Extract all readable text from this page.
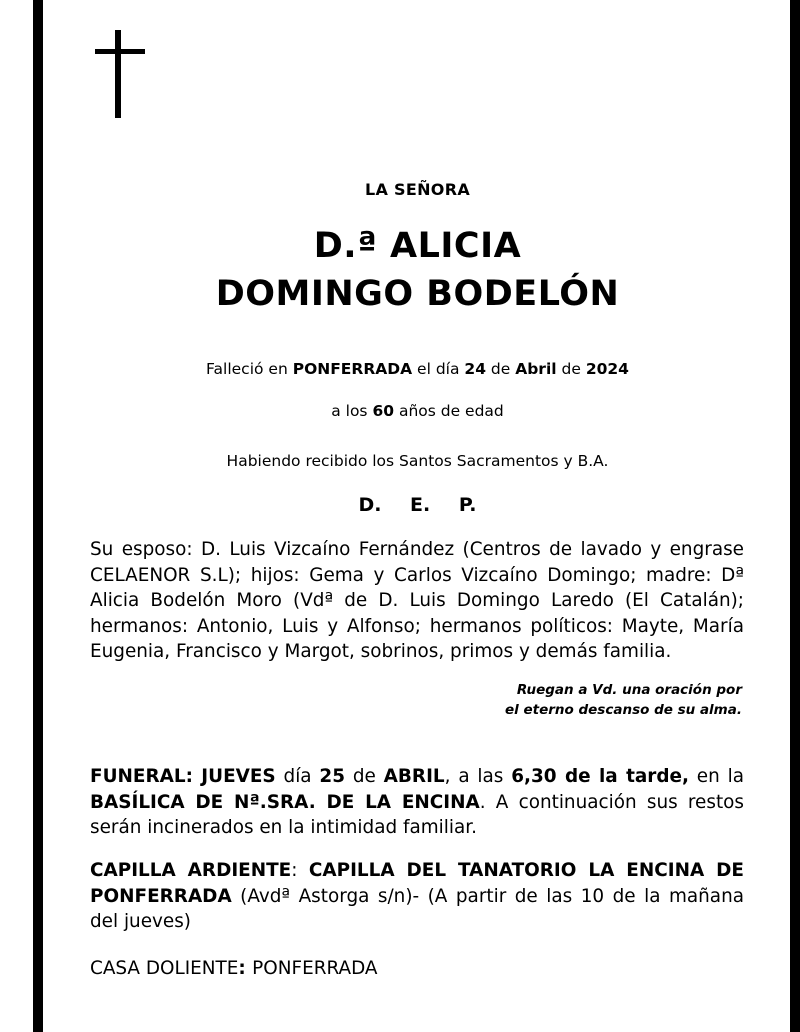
LA SEÑORA
D.ª ALICIA
DOMINGO BODELÓN
Falleció en PONFERRADA el día 24 de Abril de 2024
a los 60 años de edad
Habiendo recibido los Santos Sacramentos y B.A.
D. E. P.
Su esposo: D. Luis Vizcaíno Fernández (Centros de lavado y engrase CELAENOR S.L); hijos: Gema y Carlos Vizcaíno Domingo; madre: Dª Alicia Bodelón Moro (Vdª de D. Luis Domingo Laredo (El Catalán); hermanos: Antonio, Luis y Alfonso; hermanos políticos: Mayte, María Eugenia, Francisco y Margot, sobrinos, primos y demás familia.
Ruegan a Vd. una oración por
el eterno descanso de su alma.
FUNERAL: JUEVES día 25 de ABRIL, a las 6,30 de la tarde, en la BASÍLICA DE Nª.SRA. DE LA ENCINA. A continuación sus restos serán incinerados en la intimidad familiar.
CAPILLA ARDIENTE: CAPILLA DEL TANATORIO LA ENCINA DE PONFERRADA (Avdª Astorga s/n)- (A partir de las 10 de la mañana del jueves)
CASA DOLIENTE: PONFERRADA
